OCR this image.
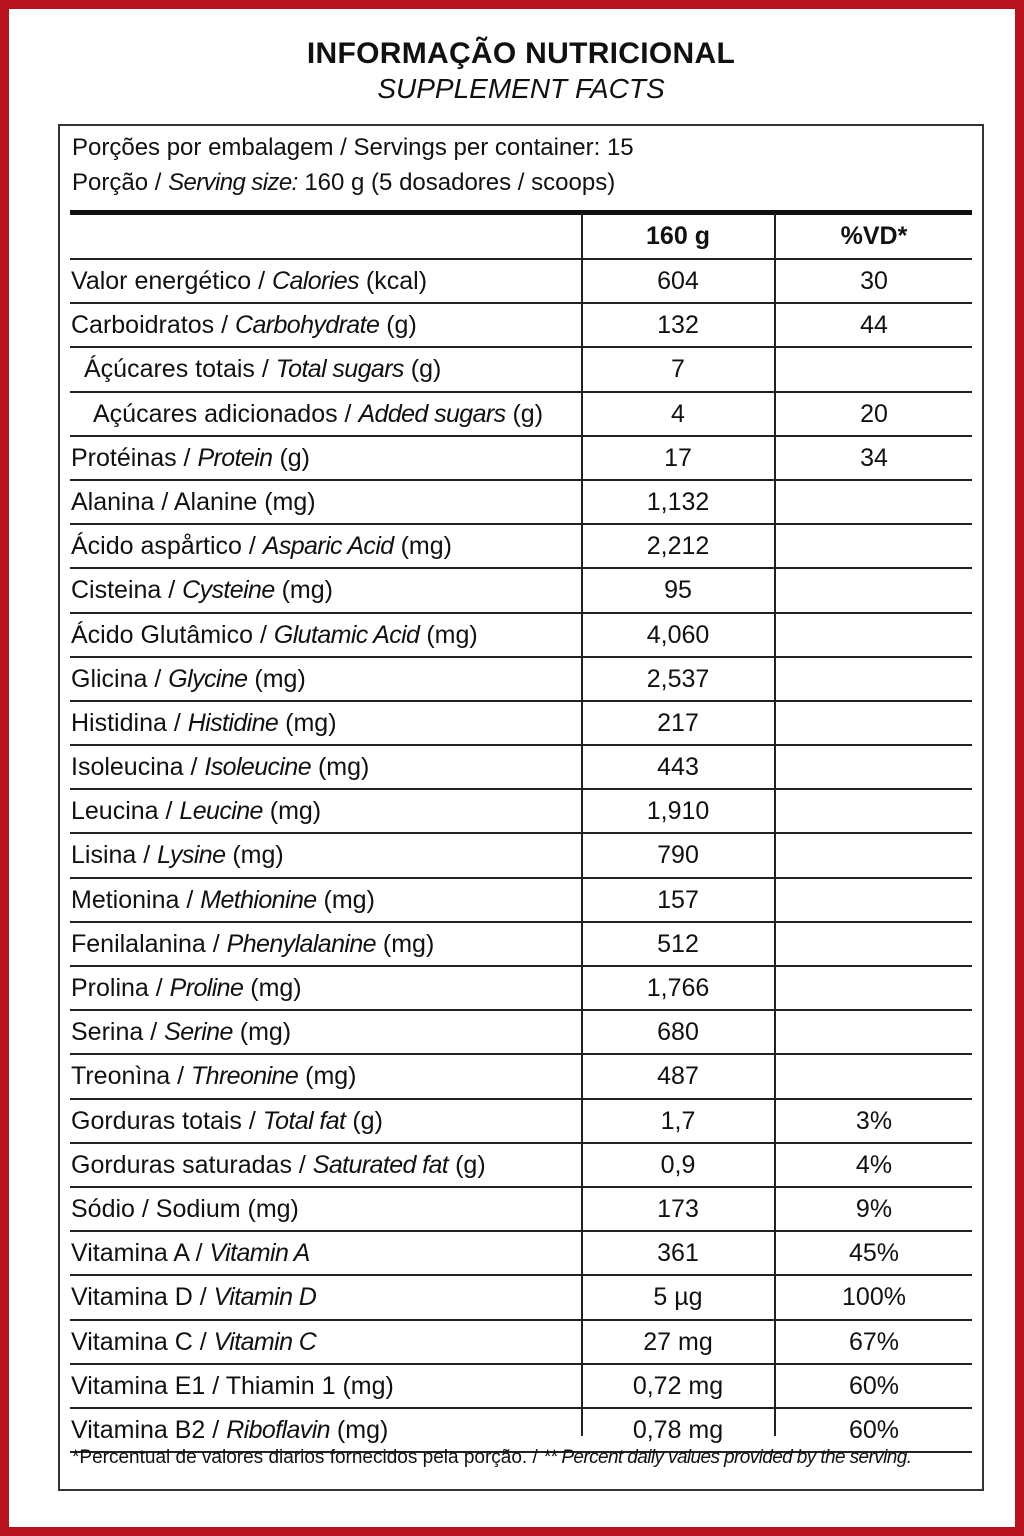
INFORMAÇÃO NUTRICIONAL
SUPPLEMENT FACTS
Porções por embalagem / Servings per container: 15
Porção / Serving size: 160 g (5 dosadores / scoops)
160 g	%VD*
Valor energético / Calories (kcal)	604	30
Carboidratos / Carbohydrate (g)	132	44
Áçúcares totais / Total sugars (g)	7
Açúcares adicionados / Added sugars (g)	4	20
Protéinas / Protein (g)	17	34
Alanina / Alanine (mg)	1,132
Ácido aspårtico / Asparic Acid (mg)	2,212
Cisteina / Cysteine (mg)	95
Ácido Glutâmico / Glutamic Acid (mg)	4,060
Glicina / Glycine (mg)	2,537
Histidina / Histidine (mg)	217
Isoleucina / Isoleucine (mg)	443
Leucina / Leucine (mg)	1,910
Lisina / Lysine (mg)	790
Metionina / Methionine (mg)	157
Fenilalanina / Phenylalanine (mg)	512
Prolina / Proline (mg)	1,766
Serina / Serine (mg)	680
Treonìna / Threonine (mg)	487
Gorduras totais / Total fat (g)	1,7	3%
Gorduras saturadas / Saturated fat (g)	0,9	4%
Sódio / Sodium (mg)	173	9%
Vitamina A / Vitamin A	361	45%
Vitamina D / Vitamin D	5 µg	100%
Vitamina C / Vitamin C	27 mg	67%
Vitamina E1 / Thiamin 1 (mg)	0,72 mg	60%
Vitamina B2 / Riboflavin (mg)	0,78 mg	60%
*Percentual de valores diarios fornecidos pela porção. / ** Percent daily values provided by the serving.
